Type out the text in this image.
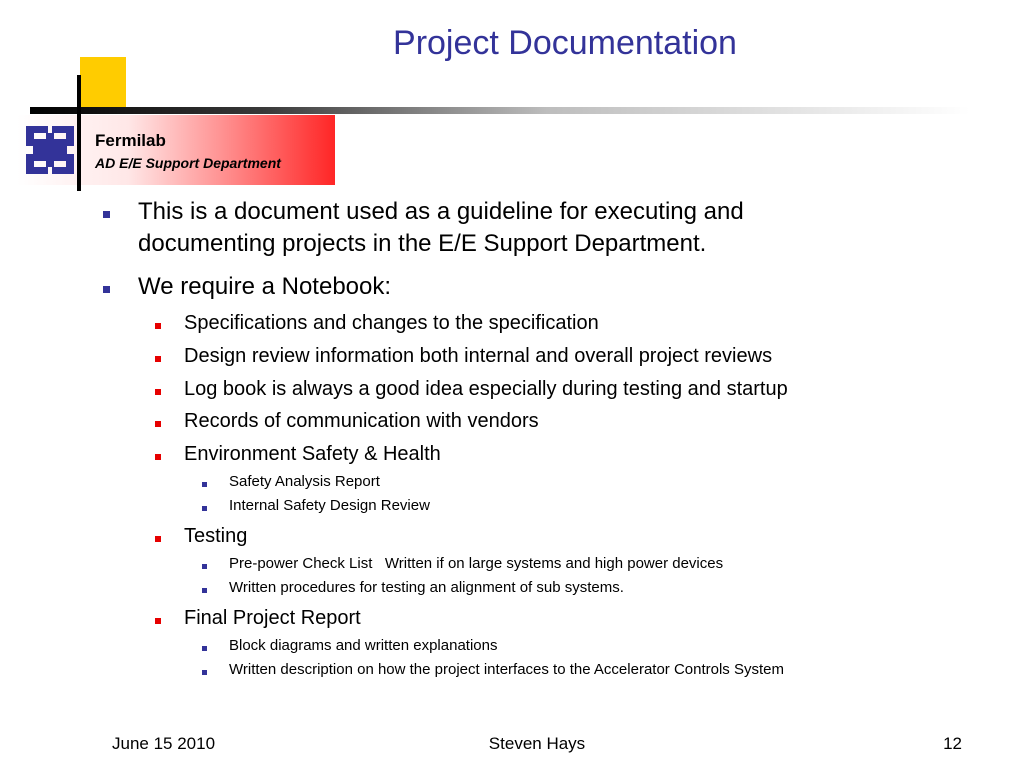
Project Documentation
Fermilab
AD E/E Support Department
This is a document used as a guideline for executing and
documenting projects in the E/E Support Department.
We require a Notebook:
Specifications and changes to the specification
Design review information both internal and overall project reviews
Log book is always a good idea especially during testing and startup
Records of communication with vendors
Environment Safety & Health
Safety Analysis Report
Internal Safety Design Review
Testing
Pre-power Check List   Written if on large systems and high power devices
Written procedures for testing an alignment of sub systems.
Final Project Report
Block diagrams and written explanations
Written description on how the project interfaces to the Accelerator Controls System
June 15 2010	Steven Hays	12
